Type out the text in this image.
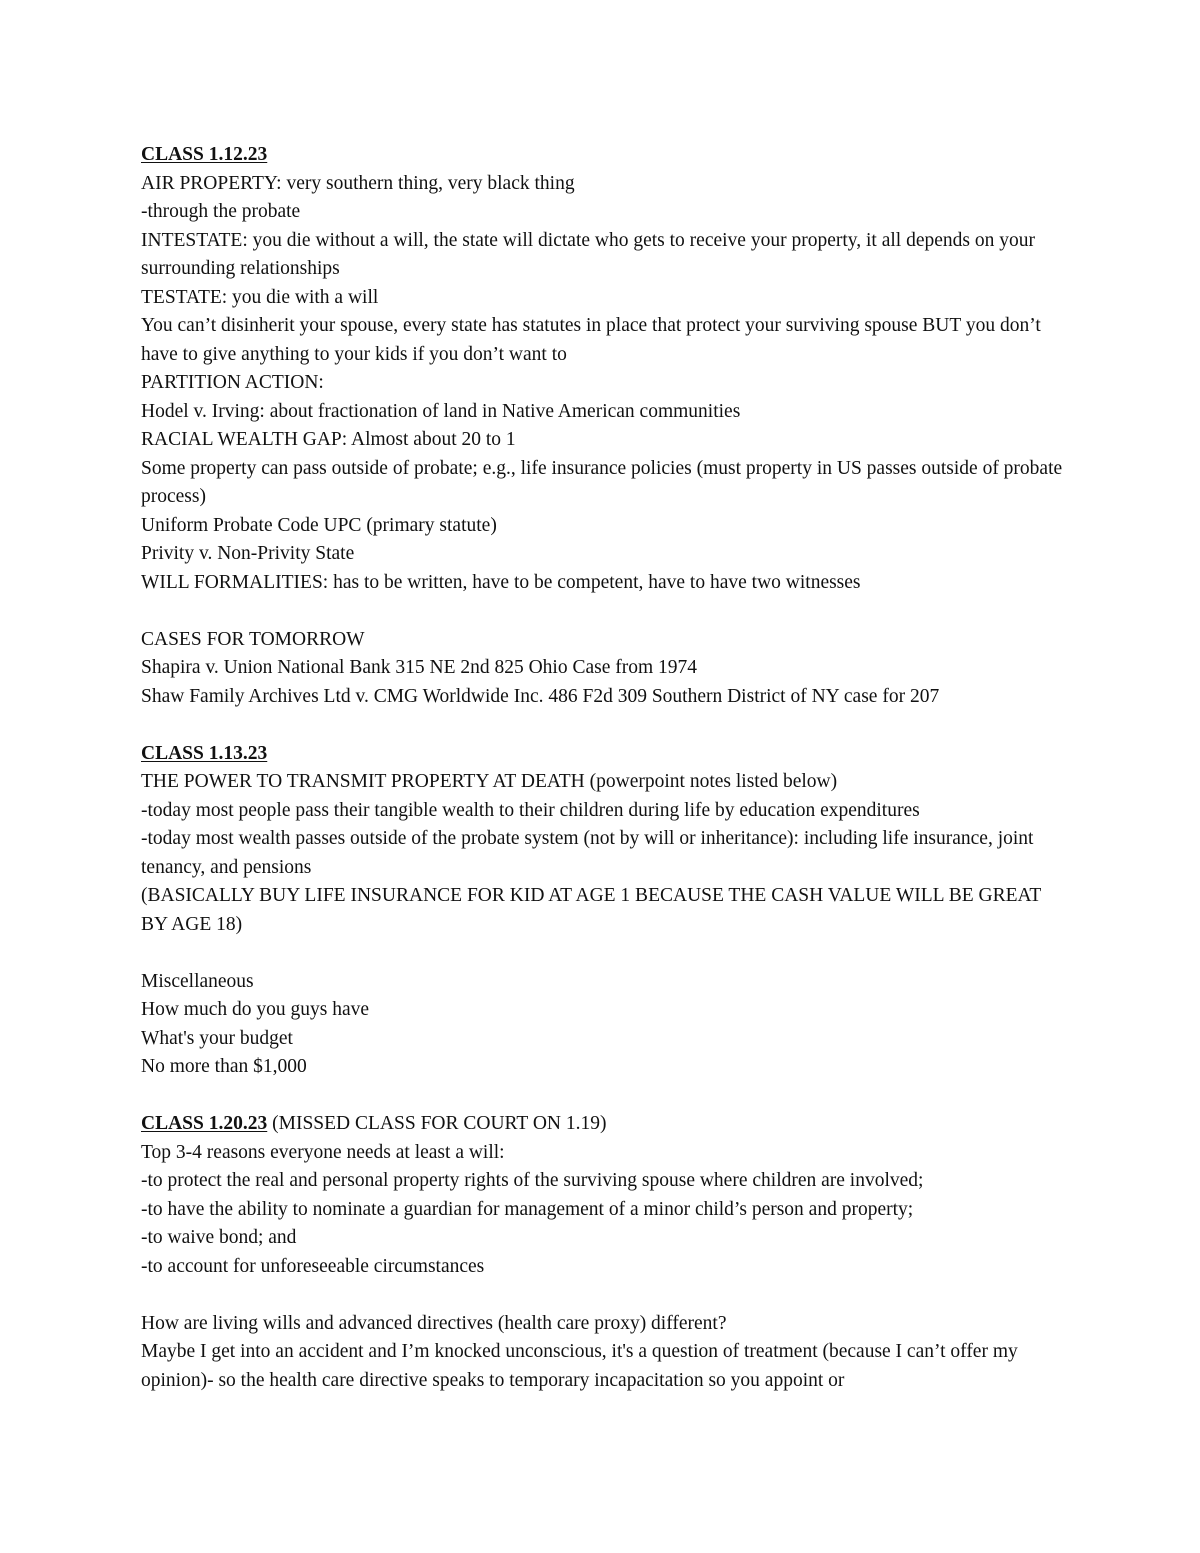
CLASS 1.12.23
AIR PROPERTY: very southern thing, very black thing
-through the probate
INTESTATE: you die without a will, the state will dictate who gets to receive your property, it all depends on your surrounding relationships
TESTATE: you die with a will
You can’t disinherit your spouse, every state has statutes in place that protect your surviving spouse BUT you don’t have to give anything to your kids if you don’t want to
PARTITION ACTION:
Hodel v. Irving: about fractionation of land in Native American communities
RACIAL WEALTH GAP: Almost about 20 to 1
Some property can pass outside of probate; e.g., life insurance policies (must property in US passes outside of probate process)
Uniform Probate Code UPC (primary statute)
Privity v. Non-Privity State
WILL FORMALITIES: has to be written, have to be competent, have to have two witnesses
CASES FOR TOMORROW
Shapira v. Union National Bank 315 NE 2nd 825 Ohio Case from 1974
Shaw Family Archives Ltd v. CMG Worldwide Inc. 486 F2d 309 Southern District of NY case for 207
CLASS 1.13.23
THE POWER TO TRANSMIT PROPERTY AT DEATH (powerpoint notes listed below)
-today most people pass their tangible wealth to their children during life by education expenditures
-today most wealth passes outside of the probate system (not by will or inheritance): including life insurance, joint tenancy, and pensions
(BASICALLY BUY LIFE INSURANCE FOR KID AT AGE 1 BECAUSE THE CASH VALUE WILL BE GREAT BY AGE 18)
Miscellaneous
How much do you guys have
What's your budget
No more than $1,000
CLASS 1.20.23 (MISSED CLASS FOR COURT ON 1.19)
Top 3-4 reasons everyone needs at least a will:
-to protect the real and personal property rights of the surviving spouse where children are involved;
-to have the ability to nominate a guardian for management of a minor child’s person and property;
-to waive bond; and
-to account for unforeseeable circumstances
How are living wills and advanced directives (health care proxy) different?
Maybe I get into an accident and I’m knocked unconscious, it's a question of treatment (because I can’t offer my opinion)- so the health care directive speaks to temporary incapacitation so you appoint or
